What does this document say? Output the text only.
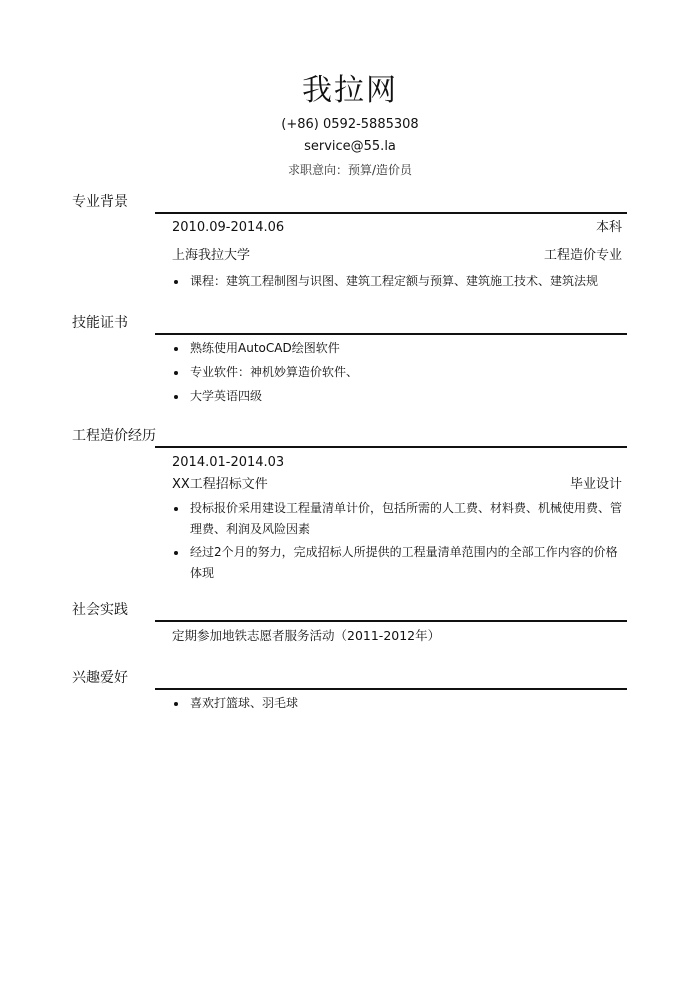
我拉网
(+86) 0592-5885308
service@55.la
求职意向：预算/造价员
专业背景
2010.09-2014.06	本科
上海我拉大学	工程造价专业
课程：建筑工程制图与识图、建筑工程定额与预算、建筑施工技术、建筑法规
技能证书
熟练使用AutoCAD绘图软件
专业软件：神机妙算造价软件、
大学英语四级
工程造价经历
2014.01-2014.03
XX工程招标文件	毕业设计
投标报价采用建设工程量清单计价，包括所需的人工费、材料费、机械使用费、管理费、利润及风险因素
经过2个月的努力，完成招标人所提供的工程量清单范围内的全部工作内容的价格体现
社会实践
定期参加地铁志愿者服务活动（2011-2012年）
兴趣爱好
喜欢打篮球、羽毛球
